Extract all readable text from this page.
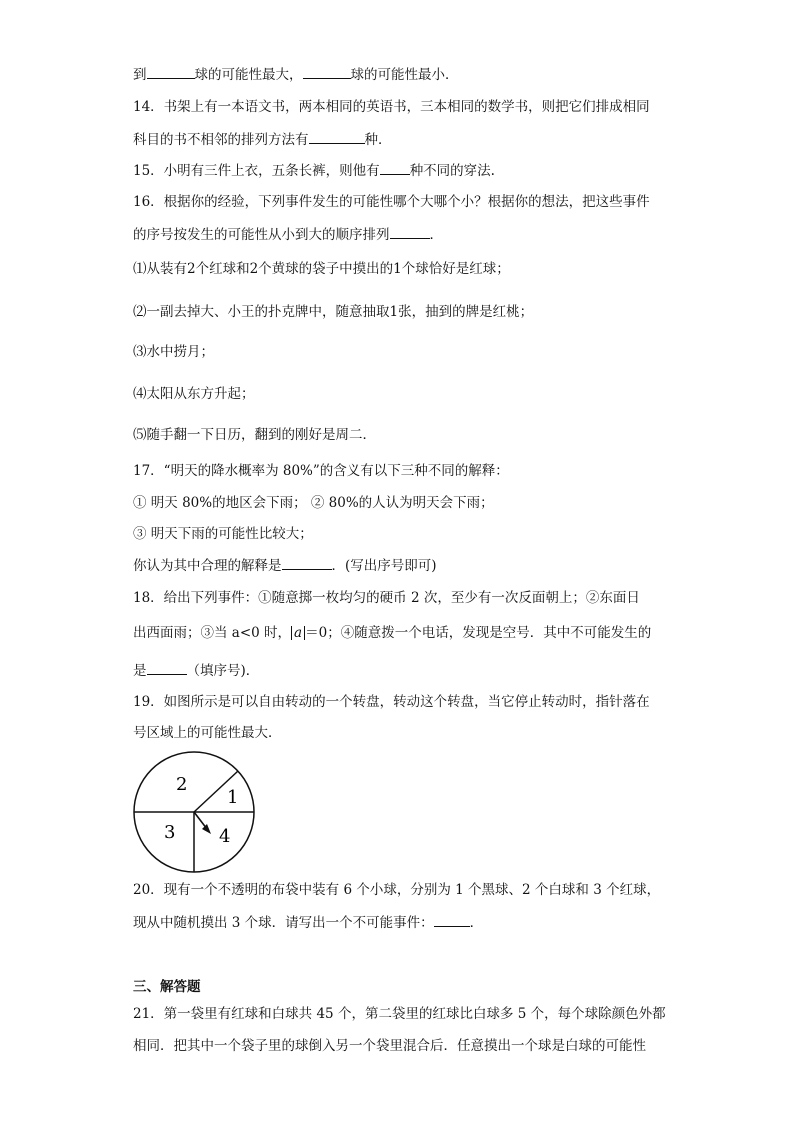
到	球的可能性最大，	球的可能性最小．
14．书架上有一本语文书，两本相同的英语书，三本相同的数学书，则把它们排成相同
科目的书不相邻的排列方法有	种．
15．小明有三件上衣，五条长裤，则他有 种不同的穿法.
16．根据你的经验，下列事件发生的可能性哪个大哪个小？根据你的想法，把这些事件
的序号按发生的可能性从小到大的顺序排列	．
⑴从装有2个红球和2个黄球的袋子中摸出的1个球恰好是红球；
⑵一副去掉大、小王的扑克牌中，随意抽取1张，抽到的牌是红桃；
⑶水中捞月；
⑷太阳从东方升起；
⑸随手翻一下日历，翻到的刚好是周二．
17．“明天的降水概率为 80%”的含义有以下三种不同的解释：
① 明天 80%的地区会下雨； ② 80%的人认为明天会下雨；
③ 明天下雨的可能性比较大；
你认为其中合理的解释是	．(写出序号即可)
18．给出下列事件：①随意掷一枚均匀的硬币 2 次，至少有一次反面朝上；②东面日
出西面雨；③当 a<0 时， a ＝0；④随意拨一个电话，发现是空号．其中不可能发生的
是	（填序号)．
19．如图所示是可以自由转动的一个转盘，转动这个转盘，当它停止转动时，指针落在
号区域上的可能性最大．
2
1
3 4
20．现有一个不透明的布袋中装有 6 个小球，分别为 1 个黑球、2 个白球和 3 个红球，
现从中随机摸出 3 个球．请写出一个不可能事件：	．
三、解答题
21．第一袋里有红球和白球共 45 个，第二袋里的红球比白球多 5 个，每个球除颜色外都
相同．把其中一个袋子里的球倒入另一个袋里混合后．任意摸出一个球是白球的可能性
